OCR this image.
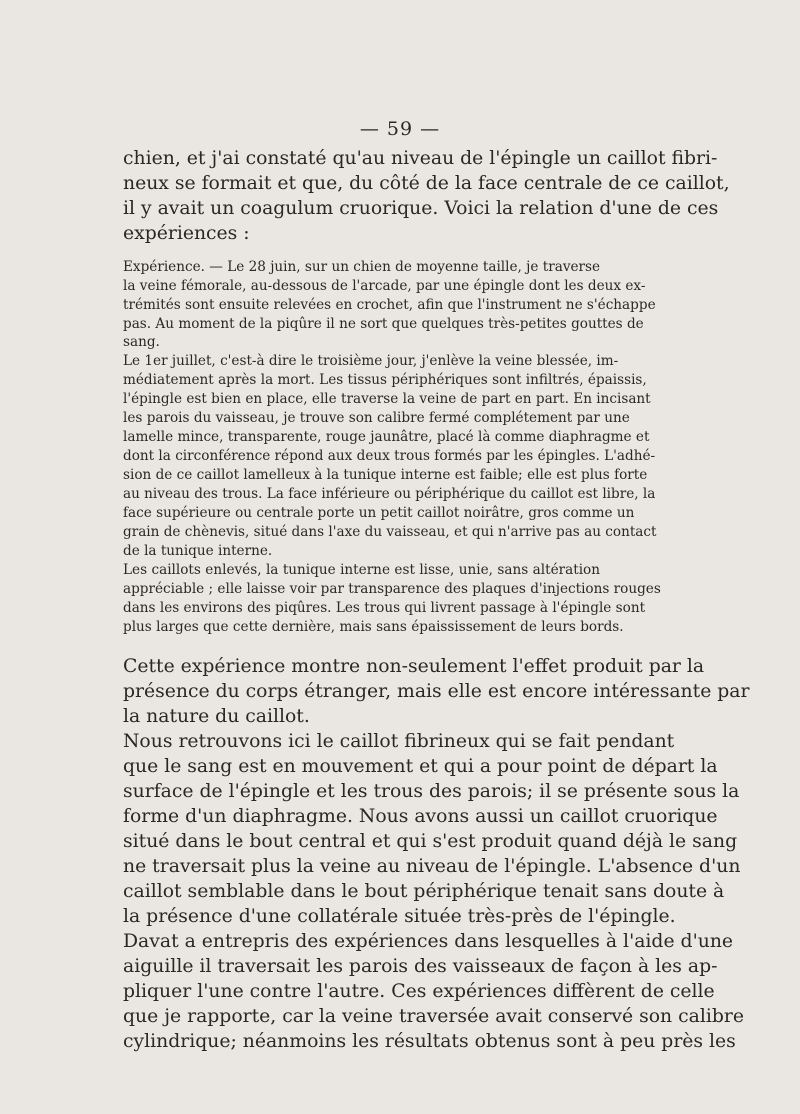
— 59 —
chien, et j'ai constaté qu'au niveau de l'épingle un caillot fibri-
neux se formait et que, du côté de la face centrale de ce caillot,
il y avait un coagulum cruorique. Voici la relation d'une de ces
expériences :
Expérience. — Le 28 juin, sur un chien de moyenne taille, je traverse
la veine fémorale, au-dessous de l'arcade, par une épingle dont les deux ex-
trémités sont ensuite relevées en crochet, afin que l'instrument ne s'échappe
pas. Au moment de la piqûre il ne sort que quelques très-petites gouttes de
sang.
Le 1er juillet, c'est-à dire le troisième jour, j'enlève la veine blessée, im-
médiatement après la mort. Les tissus périphériques sont infiltrés, épaissis,
l'épingle est bien en place, elle traverse la veine de part en part. En incisant
les parois du vaisseau, je trouve son calibre fermé complétement par une
lamelle mince, transparente, rouge jaunâtre, placé là comme diaphragme et
dont la circonférence répond aux deux trous formés par les épingles. L'adhé-
sion de ce caillot lamelleux à la tunique interne est faible; elle est plus forte
au niveau des trous. La face inférieure ou périphérique du caillot est libre, la
face supérieure ou centrale porte un petit caillot noirâtre, gros comme un
grain de chènevis, situé dans l'axe du vaisseau, et qui n'arrive pas au contact
de la tunique interne.
Les caillots enlevés, la tunique interne est lisse, unie, sans altération
appréciable ; elle laisse voir par transparence des plaques d'injections rouges
dans les environs des piqûres. Les trous qui livrent passage à l'épingle sont
plus larges que cette dernière, mais sans épaississement de leurs bords.
Cette expérience montre non-seulement l'effet produit par la
présence du corps étranger, mais elle est encore intéressante par
la nature du caillot.
Nous retrouvons ici le caillot fibrineux qui se fait pendant
que le sang est en mouvement et qui a pour point de départ la
surface de l'épingle et les trous des parois; il se présente sous la
forme d'un diaphragme. Nous avons aussi un caillot cruorique
situé dans le bout central et qui s'est produit quand déjà le sang
ne traversait plus la veine au niveau de l'épingle. L'absence d'un
caillot semblable dans le bout périphérique tenait sans doute à
la présence d'une collatérale située très-près de l'épingle.
Davat a entrepris des expériences dans lesquelles à l'aide d'une
aiguille il traversait les parois des vaisseaux de façon à les ap-
pliquer l'une contre l'autre. Ces expériences diffèrent de celle
que je rapporte, car la veine traversée avait conservé son calibre
cylindrique; néanmoins les résultats obtenus sont à peu près les
